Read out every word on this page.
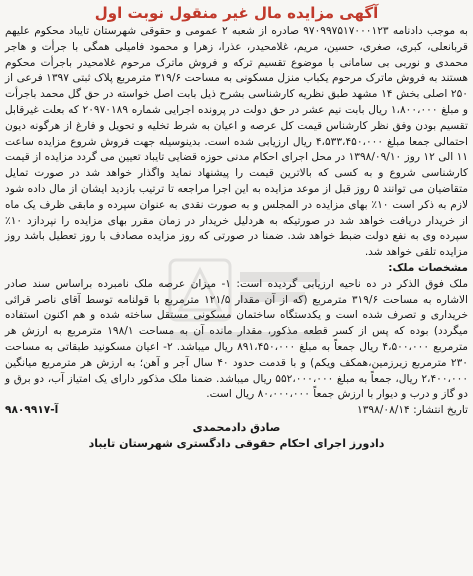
آگهی مزایده مال غیر منقول نوبت اول

به موجب دادنامه ۹۷۰۹۹۷۵۱۷۰۰۰۱۲۳ صادره از شعبه ۲ عمومی و حقوقی شهرستان تایباد محکوم علیهم قربانعلی، کبری، صغری، حسین، مریم، غلامحیدر، عذرا، زهرا و محمود فامیلی همگی با جرأت و هاجر محمدی و نوربی بی سامانی با موضوع تقسیم ترکه و فروش ماترک مرحوم غلامحیدر باجرأت محکوم هستند به فروش ماترک مرحوم یکباب منزل مسکونی به مساحت ۳۱۹/۶ مترمربع پلاک ثبتی ۱۳۹۷ فرعی از ۲۵۰ اصلی بخش ۱۴ مشهد طبق نظریه کارشناسی بشرح ذیل بابت اصل خواسته در حق گل محمد باجرأت و مبلغ ۱،۸۰۰،۰۰۰ ریال بابت نیم عشر در حق دولت در پرونده اجرایی شماره ۲۰۹۷۰۱۸۹ که بعلت غیرقابل تقسیم بودن وفق نظر کارشناس قیمت کل عرصه و اعیان به شرط تخلیه و تحویل و فارغ از هرگونه دیون احتمالی جمعا مبلغ ۴،۵۳۳،۴۵۰،۰۰۰ ریال ارزیابی شده است. بدینوسیله جهت فروش شروع مزایده ساعت ۱۱ الی ۱۲ روز ۱۳۹۸/۰۹/۱۰ در محل اجرای احکام مدنی حوزه قضایی تایباد تعیین می گردد مزایده از قیمت کارشناسی شروع و به کسی که بالاترین قیمت را پیشنهاد نماید واگذار خواهد شد در صورت تمایل متقاضیان می توانند ۵ روز قبل از موعد مزایده به این اجرا مراجعه تا ترتیب بازدید ایشان از مال داده شود لازم به ذکر است ۱۰٪ بهای مزایده در المجلس و به صورت نقدی به عنوان سپرده و مابقی ظرف یک ماه از خریدار دریافت خواهد شد در صورتیکه به هردلیل خریدار در زمان مقرر بهای مزایده را نپردازد ۱۰٪ سپرده وی به نفع دولت ضبط خواهد شد. ضمنا در صورتی که روز مزایده مصادف با روز تعطیل باشد روز مزایده تلقی خواهد شد.

مشخصات ملک:

ملک فوق الذکر در ده ناحیه ارزیابی گردیده است: ۱- میزان عرصه ملک نامبرده براساس سند صادر الاشاره به مساحت ۳۱۹/۶ مترمربع (که از آن مقدار ۱۲۱/۵ مترمربع با قولنامه توسط آقای ناصر قرائی خریداری و تصرف شده است و یکدستگاه ساختمان مسکونی مستقل ساخته شده و هم اکنون استفاده میگردد) بوده که پس از کسر قطعه مذکور، مقدار مانده آن به مساحت ۱۹۸/۱ مترمربع به ارزش هر مترمربع ۴،۵۰۰،۰۰۰ ریال جمعاً به مبلغ ۸۹۱،۴۵۰،۰۰۰ ریال میباشد. ۲- اعیان مسکونید طبقاتی به مساحت ۲۳۰ مترمربع زیرزمین،همکف ویکم) و با قدمت حدود ۴۰ سال آجر و آهن؛ به ارزش هر مترمربع میانگین ۲،۴۰۰،۰۰۰ ریال، جمعاً به مبلغ ۵۵۲،۰۰۰،۰۰۰ ریال میباشد. ضمنا ملک مذکور دارای یک امتیاز آب، دو برق و دو گاز و درب و دیوار با ارزش جمعاً ۸۰،۰۰۰،۰۰۰ ریال است.

تاریخ انتشار: ۱۳۹۸/۰۸/۱۴
آ-۹۸۰۹۹۱۷
صادق دادمحمدی
دادورز اجرای احکام حقوقی دادگستری شهرستان تایباد
